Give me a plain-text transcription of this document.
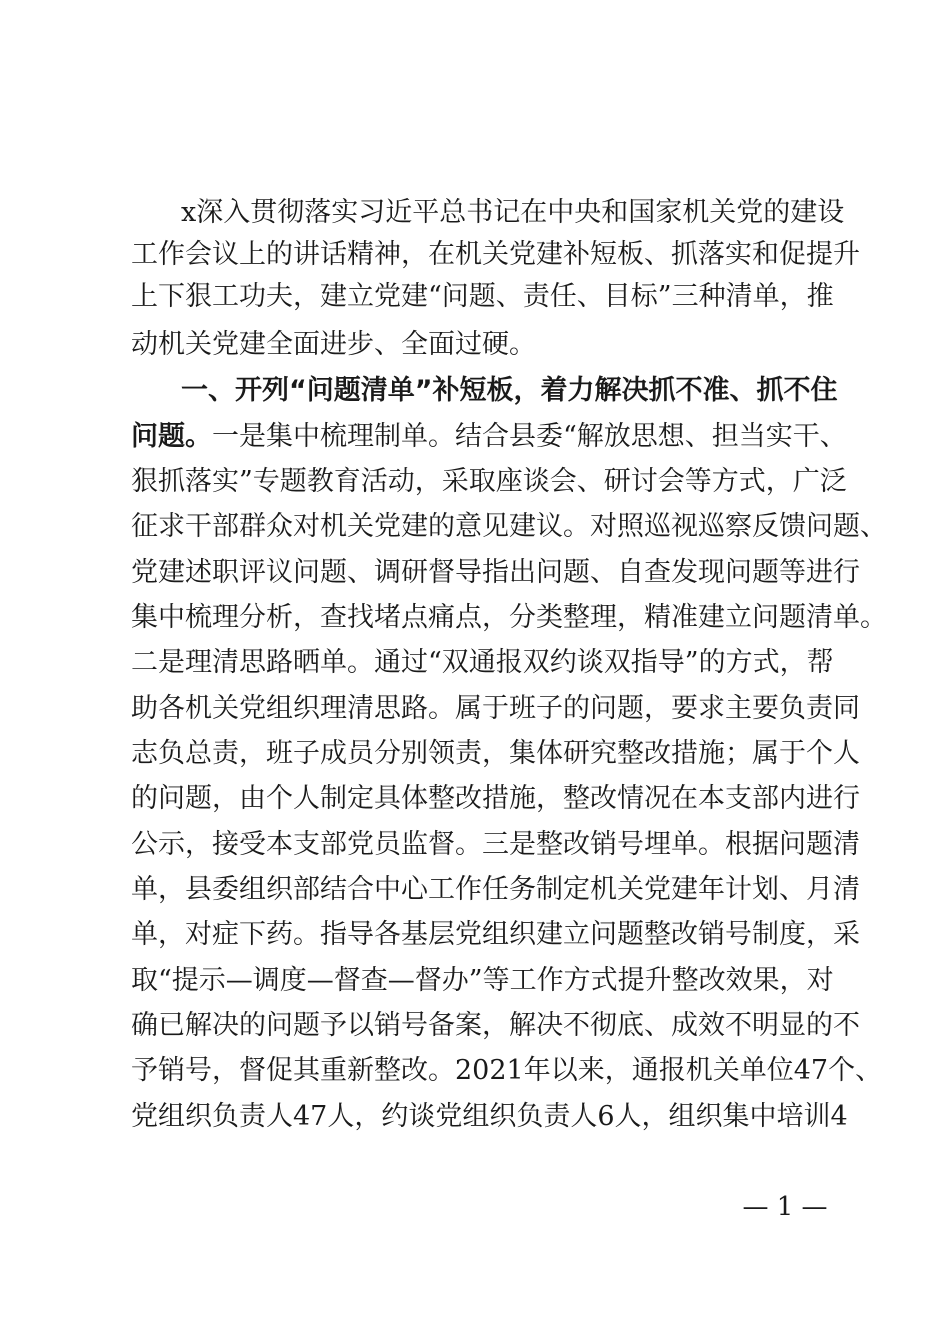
x深入贯彻落实习近平总书记在中央和国家机关党的建设
工作会议上的讲话精神，在机关党建补短板、抓落实和促提升
上下狠工功夫，建立党建“问题、责任、目标”三种清单，推
动机关党建全面进步、全面过硬。
一、开列“问题清单”补短板，着力解决抓不准、抓不住
问题。一是集中梳理制单。结合县委“解放思想、担当实干、
狠抓落实”专题教育活动，采取座谈会、研讨会等方式，广泛
征求干部群众对机关党建的意见建议。对照巡视巡察反馈问题、
党建述职评议问题、调研督导指出问题、自查发现问题等进行
集中梳理分析，查找堵点痛点，分类整理，精准建立问题清单。
二是理清思路晒单。通过“双通报双约谈双指导”的方式，帮
助各机关党组织理清思路。属于班子的问题，要求主要负责同
志负总责，班子成员分别领责，集体研究整改措施；属于个人
的问题，由个人制定具体整改措施，整改情况在本支部内进行
公示，接受本支部党员监督。三是整改销号埋单。根据问题清
单，县委组织部结合中心工作任务制定机关党建年计划、月清
单，对症下药。指导各基层党组织建立问题整改销号制度，采
取“提示—调度—督查—督办”等工作方式提升整改效果，对
确已解决的问题予以销号备案，解决不彻底、成效不明显的不
予销号，督促其重新整改。2021年以来，通报机关单位47个、
党组织负责人47人，约谈党组织负责人6人，组织集中培训4
— 1 —
